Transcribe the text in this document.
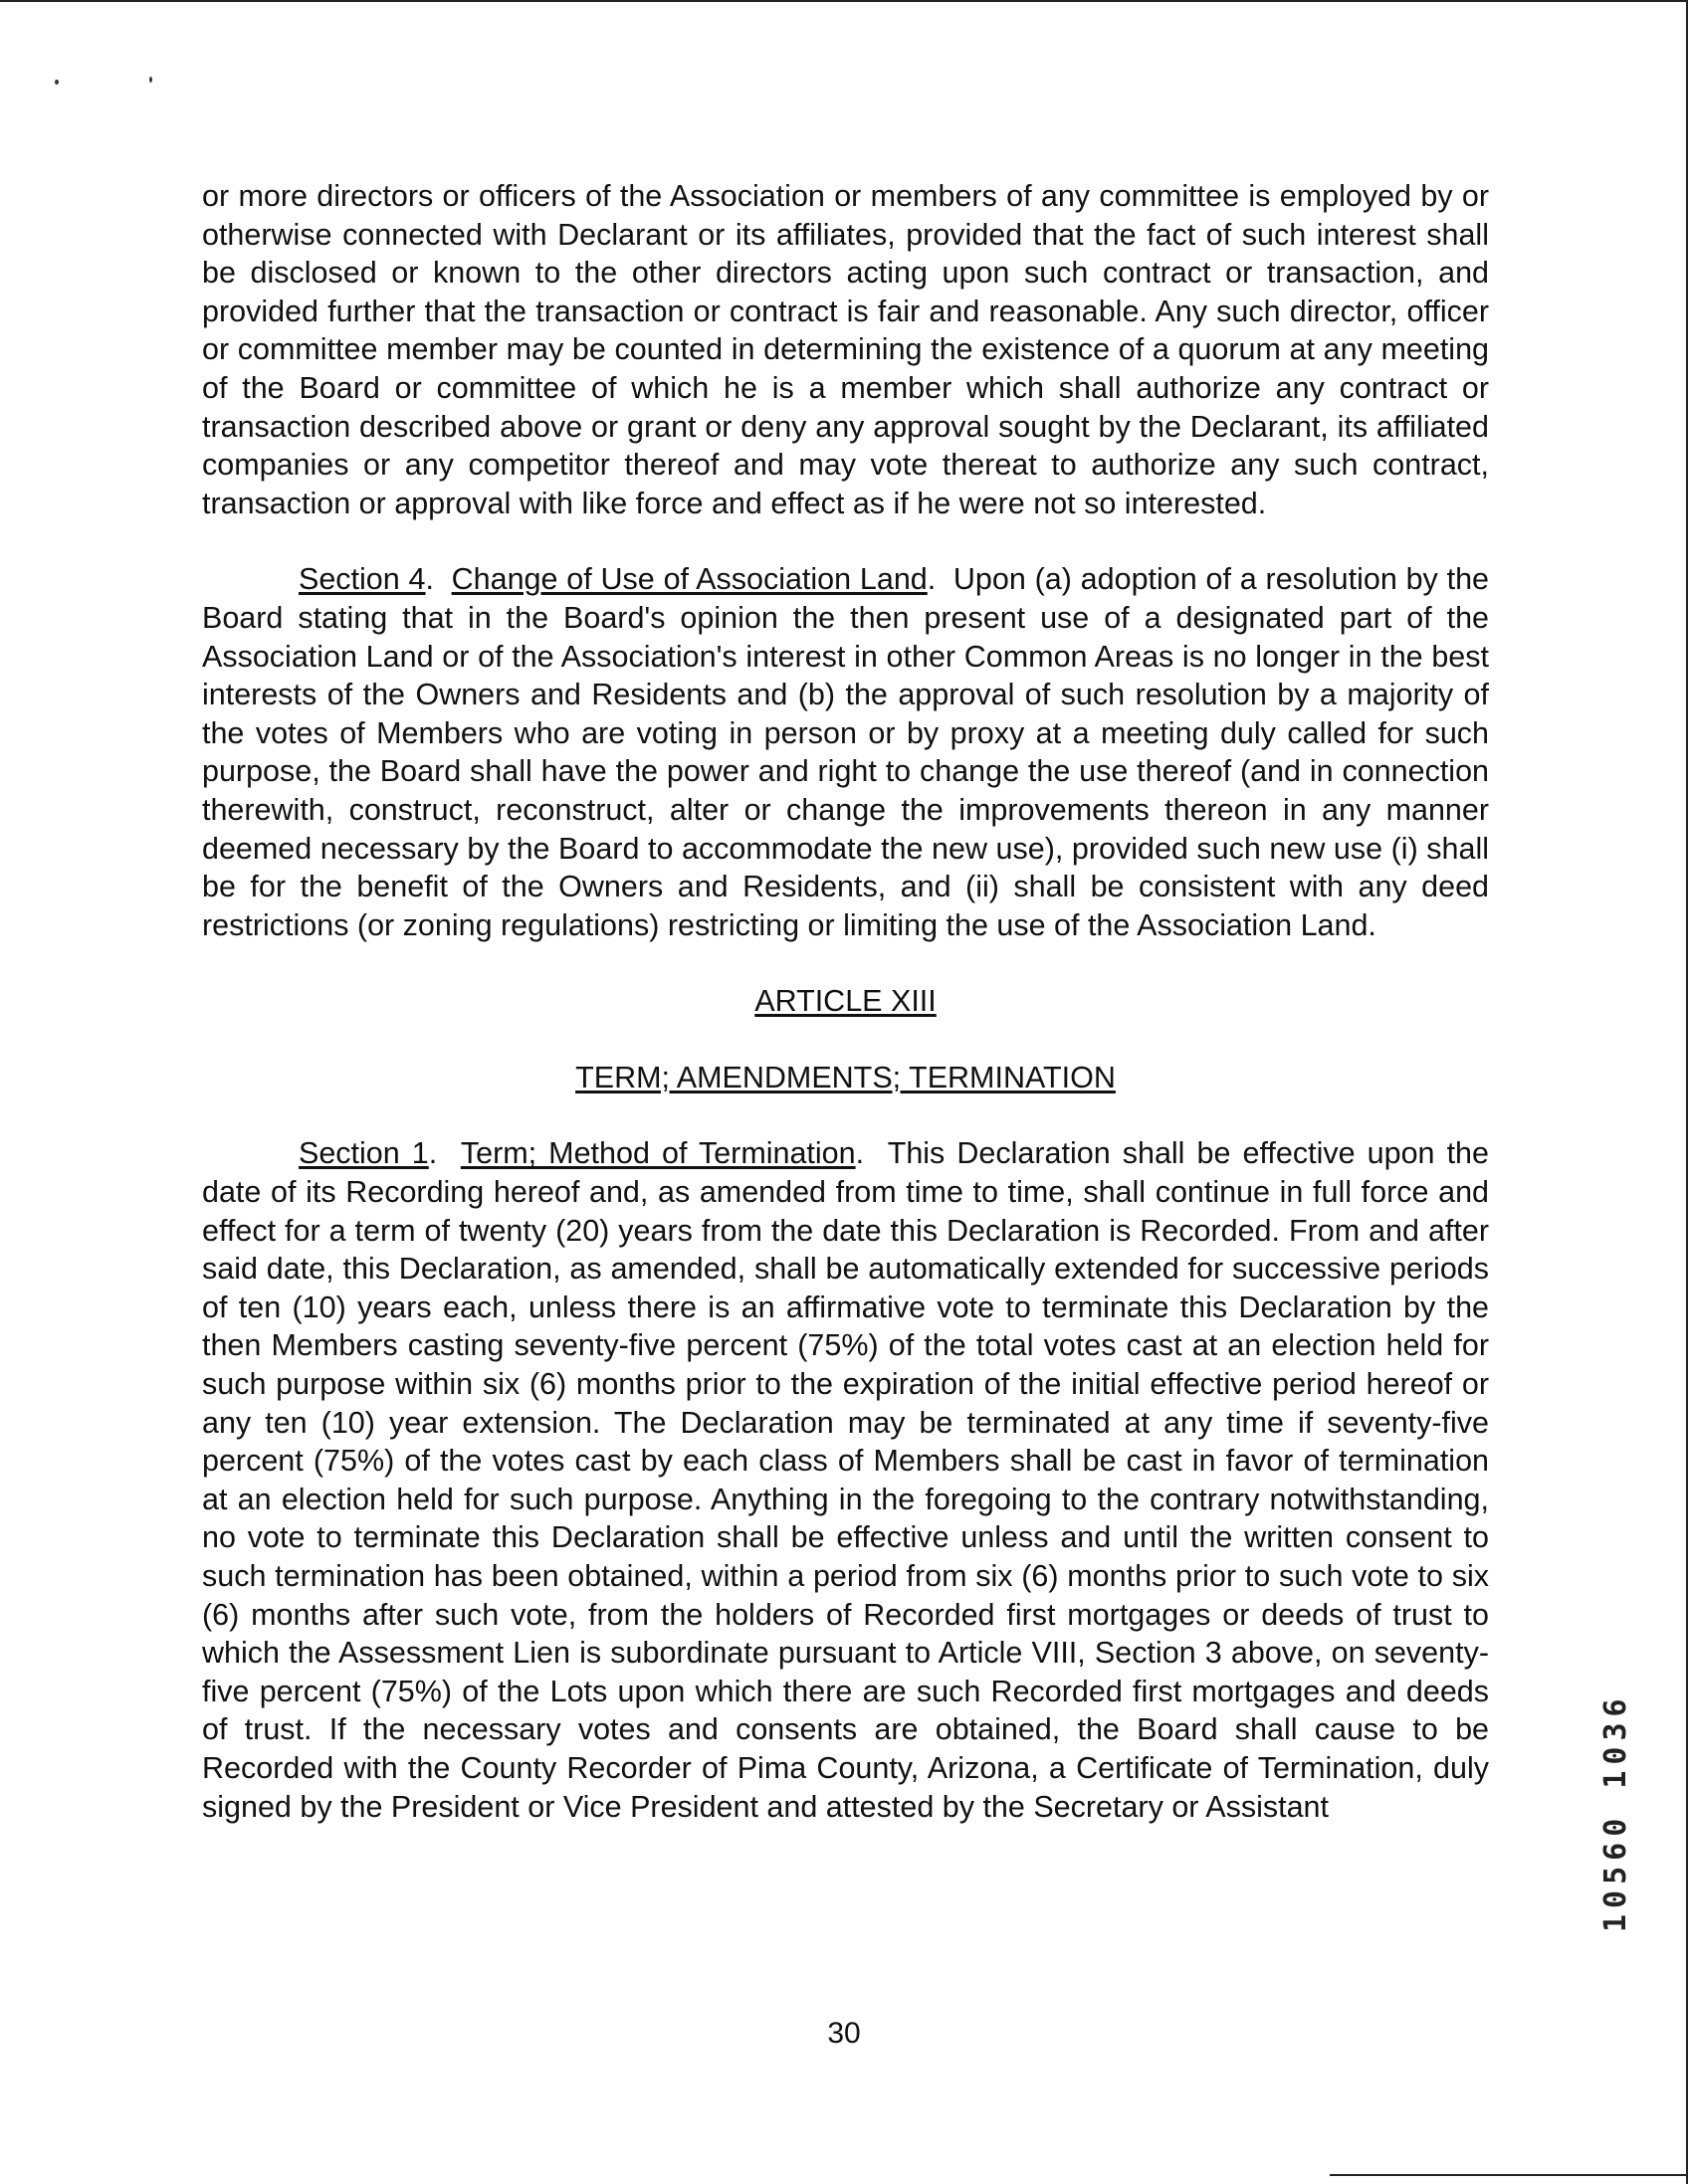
or more directors or officers of the Association or members of any committee is employed by or otherwise connected with Declarant or its affiliates, provided that the fact of such interest shall be disclosed or known to the other directors acting upon such contract or transaction, and provided further that the transaction or contract is fair and reasonable. Any such director, officer or committee member may be counted in determining the existence of a quorum at any meeting of the Board or committee of which he is a member which shall authorize any contract or transaction described above or grant or deny any approval sought by the Declarant, its affiliated companies or any competitor thereof and may vote thereat to authorize any such contract, transaction or approval with like force and effect as if he were not so interested.

Section 4.  Change of Use of Association Land.  Upon (a) adoption of a resolution by the Board stating that in the Board's opinion the then present use of a designated part of the Association Land or of the Association's interest in other Common Areas is no longer in the best interests of the Owners and Residents and (b) the approval of such resolution by a majority of the votes of Members who are voting in person or by proxy at a meeting duly called for such purpose, the Board shall have the power and right to change the use thereof (and in connection therewith, construct, reconstruct, alter or change the improvements thereon in any manner deemed necessary by the Board to accommodate the new use), provided such new use (i) shall be for the benefit of the Owners and Residents, and (ii) shall be consistent with any deed restrictions (or zoning regulations) restricting or limiting the use of the Association Land.

ARTICLE XIII

TERM; AMENDMENTS; TERMINATION

Section 1.  Term; Method of Termination.  This Declaration shall be effective upon the date of its Recording hereof and, as amended from time to time, shall continue in full force and effect for a term of twenty (20) years from the date this Declaration is Recorded. From and after said date, this Declaration, as amended, shall be automatically extended for successive periods of ten (10) years each, unless there is an affirmative vote to terminate this Declaration by the then Members casting seventy-five percent (75%) of the total votes cast at an election held for such purpose within six (6) months prior to the expiration of the initial effective period hereof or any ten (10) year extension. The Declaration may be terminated at any time if seventy-five percent (75%) of the votes cast by each class of Members shall be cast in favor of termination at an election held for such purpose. Anything in the foregoing to the contrary notwithstanding, no vote to terminate this Declaration shall be effective unless and until the written consent to such termination has been obtained, within a period from six (6) months prior to such vote to six (6) months after such vote, from the holders of Recorded first mortgages or deeds of trust to which the Assessment Lien is subordinate pursuant to Article VIII, Section 3 above, on seventy-five percent (75%) of the Lots upon which there are such Recorded first mortgages and deeds of trust. If the necessary votes and consents are obtained, the Board shall cause to be Recorded with the County Recorder of Pima County, Arizona, a Certificate of Termination, duly signed by the President or Vice President and attested by the Secretary or Assistant

30
10560 1036
